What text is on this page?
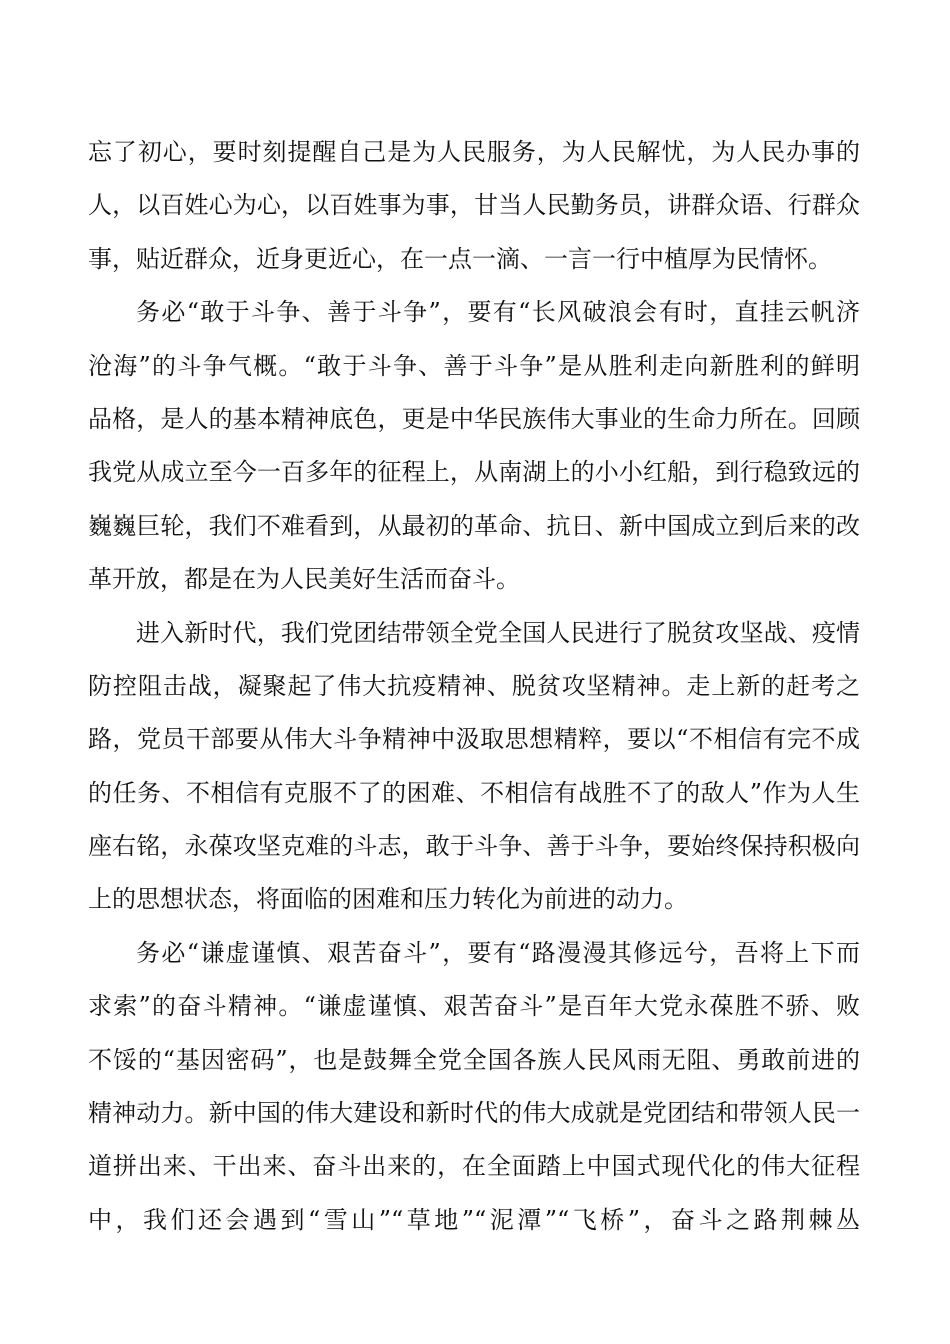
忘了初心，要时刻提醒自己是为人民服务，为人民解忧，为人民办事的
人，以百姓心为心，以百姓事为事，甘当人民勤务员，讲群众语、行群众
事，贴近群众，近身更近心，在一点一滴、一言一行中植厚为民情怀。
务必“敢于斗争、善于斗争”，要有“长风破浪会有时，直挂云帆济
沧海”的斗争气概。“敢于斗争、善于斗争”是从胜利走向新胜利的鲜明
品格，是人的基本精神底色，更是中华民族伟大事业的生命力所在。回顾
我党从成立至今一百多年的征程上，从南湖上的小小红船，到行稳致远的
巍巍巨轮，我们不难看到，从最初的革命、抗日、新中国成立到后来的改
革开放，都是在为人民美好生活而奋斗。
进入新时代，我们党团结带领全党全国人民进行了脱贫攻坚战、疫情
防控阻击战，凝聚起了伟大抗疫精神、脱贫攻坚精神。走上新的赶考之
路，党员干部要从伟大斗争精神中汲取思想精粹，要以“不相信有完不成
的任务、不相信有克服不了的困难、不相信有战胜不了的敌人”作为人生
座右铭，永葆攻坚克难的斗志，敢于斗争、善于斗争，要始终保持积极向
上的思想状态，将面临的困难和压力转化为前进的动力。
务必“谦虚谨慎、艰苦奋斗”，要有“路漫漫其修远兮，吾将上下而
求索”的奋斗精神。“谦虚谨慎、艰苦奋斗”是百年大党永葆胜不骄、败
不馁的“基因密码”，也是鼓舞全党全国各族人民风雨无阻、勇敢前进的
精神动力。新中国的伟大建设和新时代的伟大成就是党团结和带领人民一
道拼出来、干出来、奋斗出来的，在全面踏上中国式现代化的伟大征程
中，我们还会遇到“雪山”“草地”“泥潭”“飞桥”，奋斗之路荆棘丛
